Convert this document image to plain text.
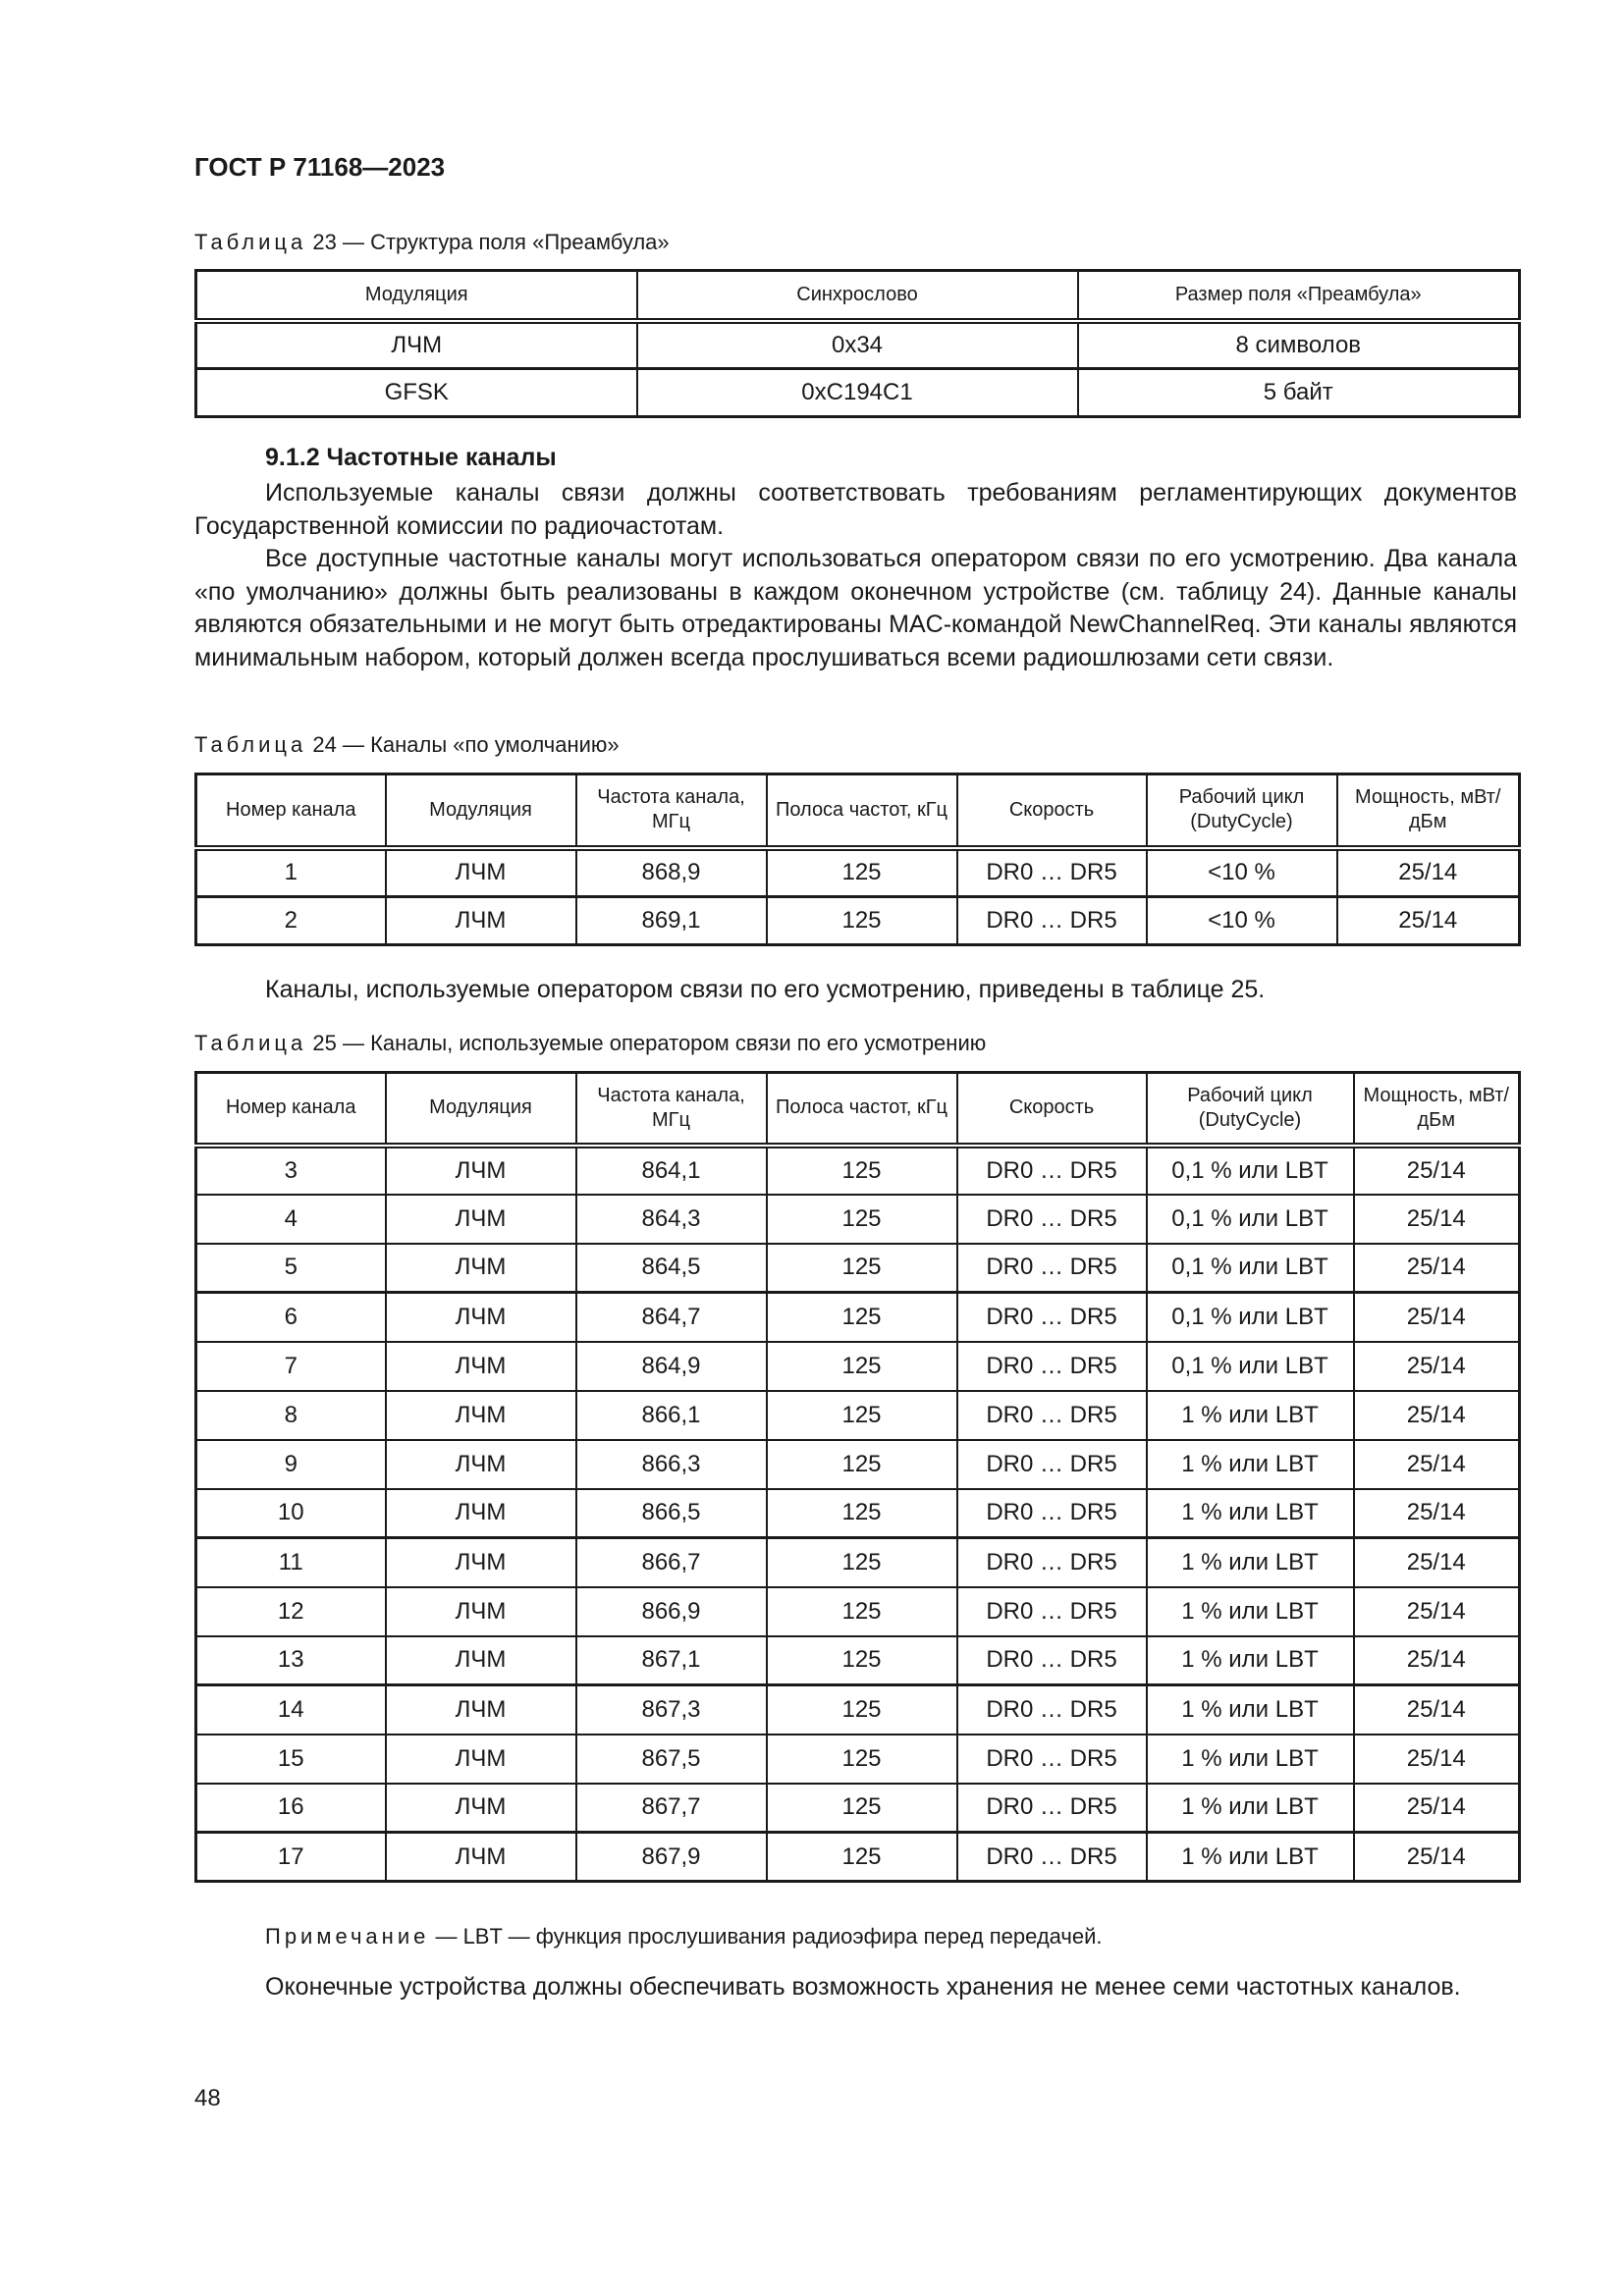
ГОСТ Р 71168—2023
Таблица 23 — Структура поля «Преамбула»
Модуляция	Синхрослово	Размер поля «Преамбула»
ЛЧМ	0x34	8 символов
GFSK	0xC194C1	5 байт
9.1.2 Частотные каналы
Используемые каналы связи должны соответствовать требованиям регламентирующих документов Государственной комиссии по радиочастотам.
Все доступные частотные каналы могут использоваться оператором связи по его усмотрению. Два канала «по умолчанию» должны быть реализованы в каждом оконечном устройстве (см. таблицу 24). Данные каналы являются обязательными и не могут быть отредактированы MAC-командой NewChannelReq. Эти каналы являются минимальным набором, который должен всегда прослушиваться всеми радиошлюзами сети связи.
Таблица 24 — Каналы «по умолчанию»
Номер канала	Модуляция	Частота канала, МГц	Полоса частот, кГц	Скорость	Рабочий цикл (DutyCycle)	Мощность, мВт/дБм
1	ЛЧМ	868,9	125	DR0 … DR5	<10 %	25/14
2	ЛЧМ	869,1	125	DR0 … DR5	<10 %	25/14
Каналы, используемые оператором связи по его усмотрению, приведены в таблице 25.
Таблица 25 — Каналы, используемые оператором связи по его усмотрению
Номер канала	Модуляция	Частота канала, МГц	Полоса частот, кГц	Скорость	Рабочий цикл (DutyCycle)	Мощность, мВт/дБм
3	ЛЧМ	864,1	125	DR0 … DR5	0,1 % или LBT	25/14
4	ЛЧМ	864,3	125	DR0 … DR5	0,1 % или LBT	25/14
5	ЛЧМ	864,5	125	DR0 … DR5	0,1 % или LBT	25/14
6	ЛЧМ	864,7	125	DR0 … DR5	0,1 % или LBT	25/14
7	ЛЧМ	864,9	125	DR0 … DR5	0,1 % или LBT	25/14
8	ЛЧМ	866,1	125	DR0 … DR5	1 % или LBT	25/14
9	ЛЧМ	866,3	125	DR0 … DR5	1 % или LBT	25/14
10	ЛЧМ	866,5	125	DR0 … DR5	1 % или LBT	25/14
11	ЛЧМ	866,7	125	DR0 … DR5	1 % или LBT	25/14
12	ЛЧМ	866,9	125	DR0 … DR5	1 % или LBT	25/14
13	ЛЧМ	867,1	125	DR0 … DR5	1 % или LBT	25/14
14	ЛЧМ	867,3	125	DR0 … DR5	1 % или LBT	25/14
15	ЛЧМ	867,5	125	DR0 … DR5	1 % или LBT	25/14
16	ЛЧМ	867,7	125	DR0 … DR5	1 % или LBT	25/14
17	ЛЧМ	867,9	125	DR0 … DR5	1 % или LBT	25/14
Примечание — LBT — функция прослушивания радиоэфира перед передачей.
Оконечные устройства должны обеспечивать возможность хранения не менее семи частотных каналов.
48
